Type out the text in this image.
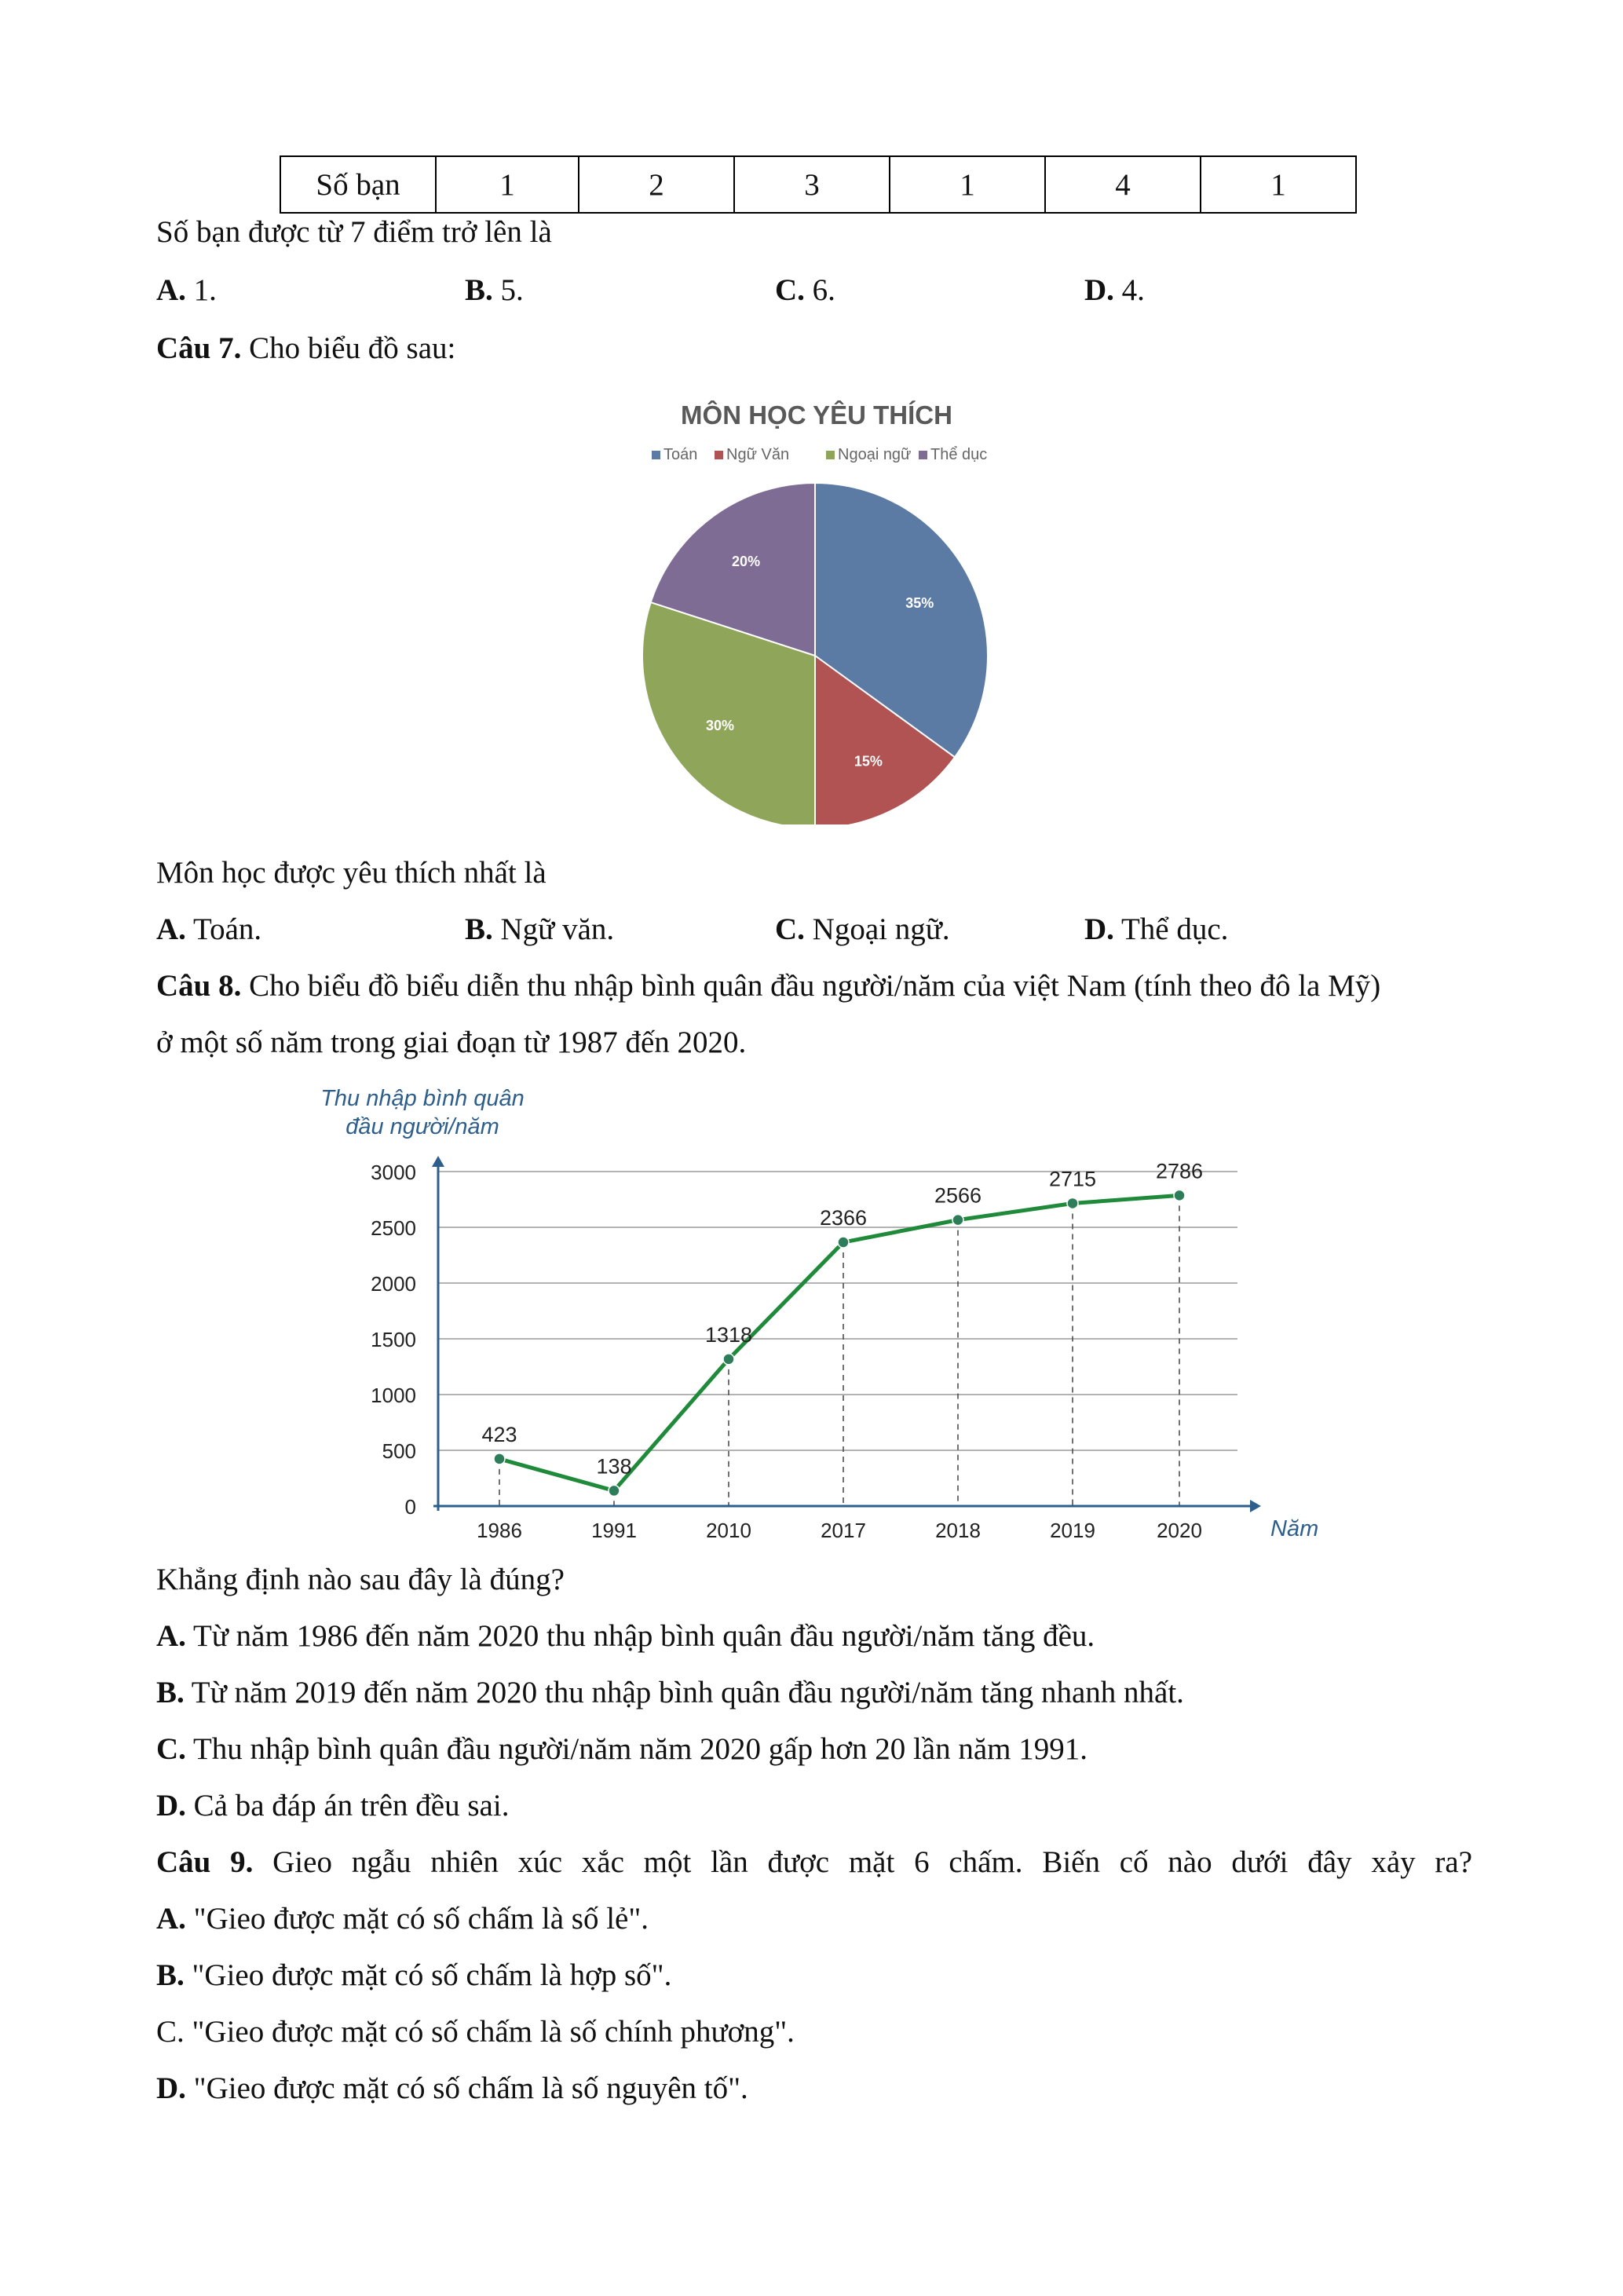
Số bạn	1	2	3	1	4	1
Số bạn được từ 7 điểm trở lên là
A. 1.	B. 5.	C. 6.	D. 4.
Câu 7. Cho biểu đồ sau:
MÔN HỌC YÊU THÍCH
Toán Ngữ Văn	Ngoại ngữ Thể dục
35%
15%
30%
20%
Môn học được yêu thích nhất là
A. Toán.	B. Ngữ văn.	C. Ngoại ngữ.	D. Thể dục.
Câu 8. Cho biểu đồ biểu diễn thu nhập bình quân đầu người/năm của việt Nam (tính theo đô la Mỹ)
ở một số năm trong giai đoạn từ 1987 đến 2020.
Thu nhập bình quân
đầu người/năm
0
500
1000
1500
2000
2500
3000
1986	1991	2010	2017	2018	2019	2020
423
138
1318
2366
2566
2715	2786
Năm
Khẳng định nào sau đây là đúng?
A. Từ năm 1986 đến năm 2020 thu nhập bình quân đầu người/năm tăng đều.
B. Từ năm 2019 đến năm 2020 thu nhập bình quân đầu người/năm tăng nhanh nhất.
C. Thu nhập bình quân đầu người/năm năm 2020 gấp hơn 20 lần năm 1991.
D. Cả ba đáp án trên đều sai.
Câu 9. Gieo ngẫu nhiên xúc xắc một lần được mặt 6 chấm. Biến cố nào dưới đây xảy ra?
A. "Gieo được mặt có số chấm là số lẻ".
B. "Gieo được mặt có số chấm là hợp số".
C. "Gieo được mặt có số chấm là số chính phương".
D. "Gieo được mặt có số chấm là số nguyên tố".
